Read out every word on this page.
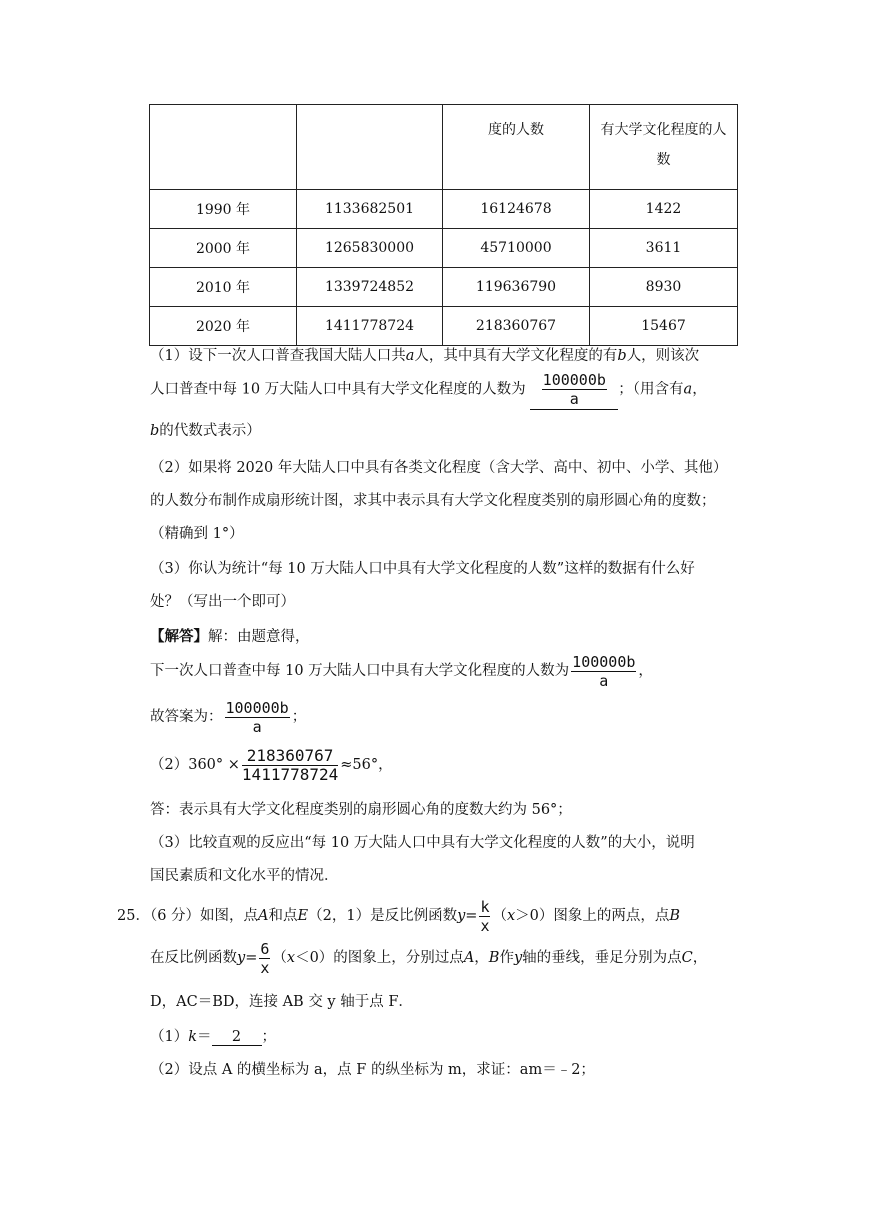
		度的人数	有大学文化程度的人数
1990 年	1133682501	16124678	1422
2000 年	1265830000	45710000	3611
2010 年	1339724852	119636790	8930
2020 年	1411778724	218360767	15467
（1）设下一次人口普查我国大陆人口共a人，其中具有大学文化程度的有b人，则该次
人口普查中每 10 万大陆人口中具有大学文化程度的人数为 $\frac{100000b}{a}$ ；（用含有a，
b的代数式表示）
（2）如果将 2020 年大陆人口中具有各类文化程度（含大学、高中、初中、小学、其他）
的人数分布制作成扇形统计图，求其中表示具有大学文化程度类别的扇形圆心角的度数；
（精确到 1°）
（3）你认为统计“每 10 万大陆人口中具有大学文化程度的人数”这样的数据有什么好
处？（写出一个即可）
【解答】解：由题意得，
下一次人口普查中每 10 万大陆人口中具有大学文化程度的人数为 $\frac{100000b}{a}$ ，
故答案为： $\frac{100000b}{a}$ ；
$(2)360^\circ \times \frac{218360767}{1411778724} \approx 56^\circ$，
答：表示具有大学文化程度类别的扇形圆心角的度数大约为 56°；
（3）比较直观的反应出“每 10 万大陆人口中具有大学文化程度的人数”的大小，说明
国民素质和文化水平的情况．
25．（6 分）如图，点A和点E（2，1）是反比例函数$y= \frac{k}{x} (x>0)$图象上的两点，点B
在反比例函数$y= \frac{6}{x} (x<0)$的图象上，分别过点A，B作y轴的垂线，垂足分别为点C，
D，AC＝BD，连接 AB 交 y 轴于点 F．
（1）k＝ 2 ；
（2）设点 A 的横坐标为 a，点 F 的纵坐标为 m，求证：am＝﹣2；
